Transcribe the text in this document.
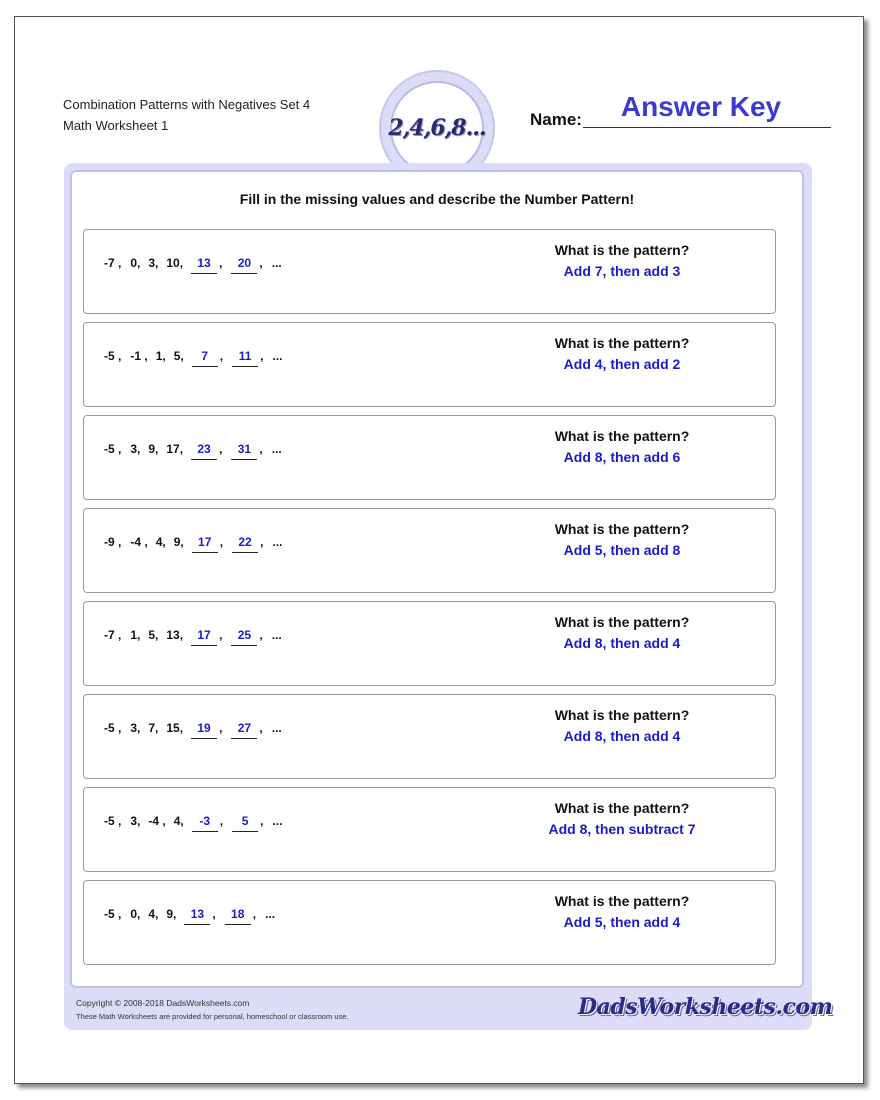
Combination Patterns with Negatives Set 4
Math Worksheet 1	2,4,6,8...	Name:	Answer Key
Fill in the missing values and describe the Number Pattern!
-7 , 0, 3, 10, 13 , 20 , ...
What is the pattern?
Add 7, then add 3
-5 , -1 , 1, 5, 7 , 11 , ...
What is the pattern?
Add 4, then add 2
-5 , 3, 9, 17, 23 , 31 , ...
What is the pattern?
Add 8, then add 6
-9 , -4 , 4, 9, 17 , 22 , ...
What is the pattern?
Add 5, then add 8
-7 , 1, 5, 13, 17 , 25 , ...
What is the pattern?
Add 8, then add 4
-5 , 3, 7, 15, 19 , 27 , ...
What is the pattern?
Add 8, then add 4
-5 , 3, -4 , 4, -3 , 5 , ...
What is the pattern?
Add 8, then subtract 7
-5 , 0, 4, 9, 13 , 18 , ...
What is the pattern?
Add 5, then add 4
Copyright © 2008-2018 DadsWorksheets.com
These Math Worksheets are provided for personal, homeschool or classroom use.	DadsWorksheets.com
